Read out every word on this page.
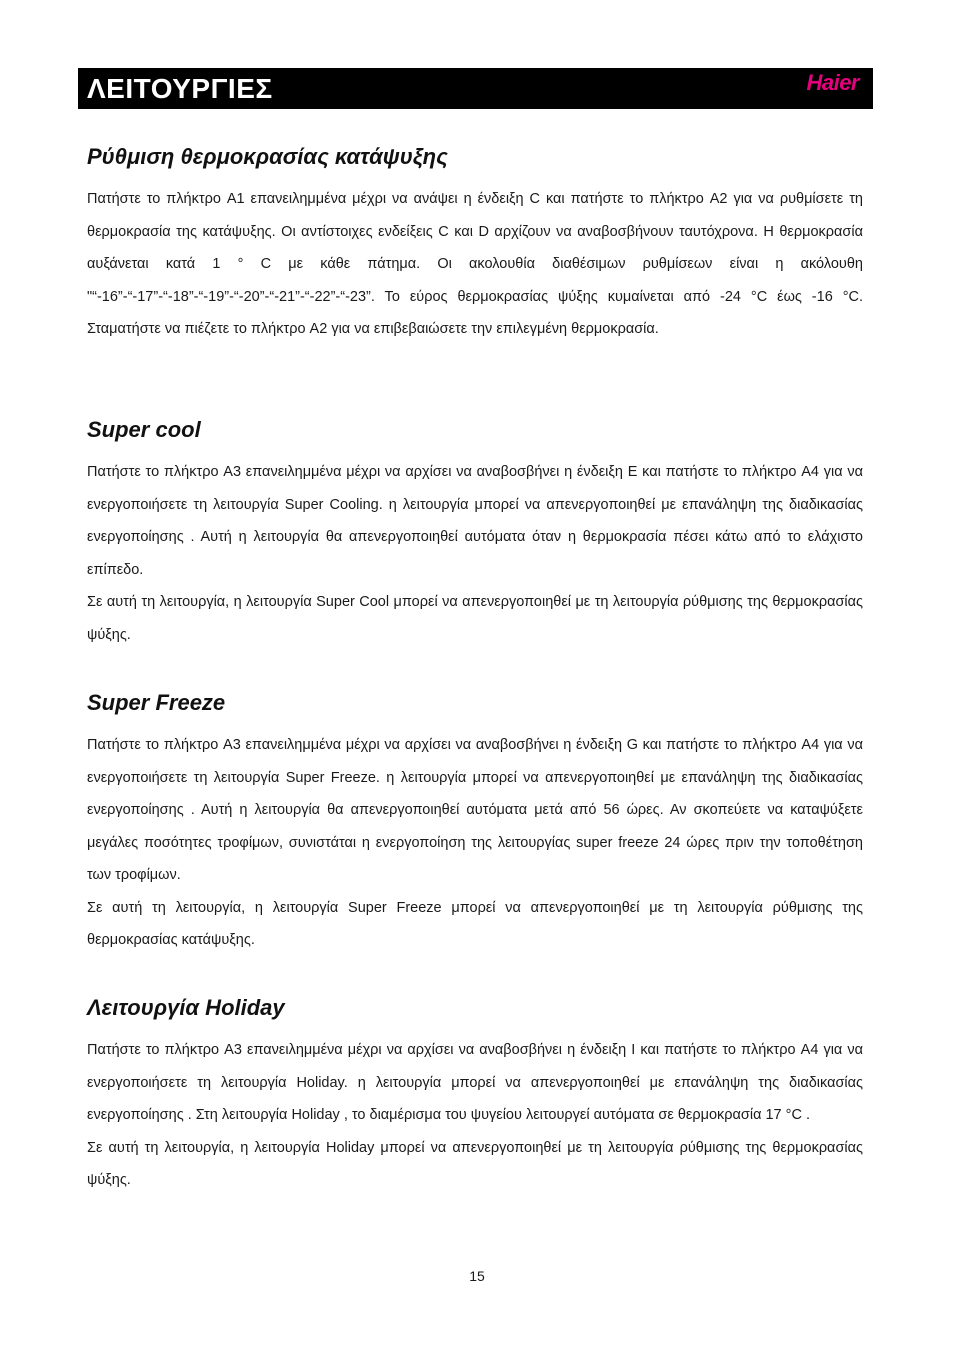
ΛΕΙΤΟΥΡΓΙΕΣ	Haier
Ρύθμιση θερμοκρασίας κατάψυξης

Πατήστε το πλήκτρο A1 επανειλημμένα μέχρι να ανάψει η ένδειξη C και πατήστε το πλήκτρο A2 για να ρυθμίσετε τη θερμοκρασία της κατάψυξης. Οι αντίστοιχες ενδείξεις C και D αρχίζουν να αναβοσβήνουν ταυτόχρονα. Η θερμοκρασία αυξάνεται κατά 1 ° C με κάθε πάτημα. Οι ακολουθία διαθέσιμων ρυθμίσεων είναι η ακόλουθη "“-16”-“-17”-“-18”-“-19”-“-20”-“-21”-“-22”-“-23”. Το εύρος θερμοκρασίας ψύξης κυμαίνεται από -24 °C έως -16 °C. Σταματήστε να πιέζετε το πλήκτρο A2 για να επιβεβαιώσετε την επιλεγμένη θερμοκρασία.

Super cool

Πατήστε το πλήκτρο A3 επανειλημμένα μέχρι να αρχίσει να αναβοσβήνει η ένδειξη E και πατήστε το πλήκτρο A4 για να ενεργοποιήσετε τη λειτουργία Super Cooling. η λειτουργία μπορεί να απενεργοποιηθεί με επανάληψη της διαδικασίας ενεργοποίησης . Αυτή η λειτουργία θα απενεργοποιηθεί αυτόματα όταν η θερμοκρασία πέσει κάτω από το ελάχιστο επίπεδο.

Σε αυτή τη λειτουργία, η λειτουργία Super Cool μπορεί να απενεργοποιηθεί με τη λειτουργία ρύθμισης της θερμοκρασίας ψύξης.

Super Freeze

Πατήστε το πλήκτρο A3 επανειλημμένα μέχρι να αρχίσει να αναβοσβήνει η ένδειξη G και πατήστε το πλήκτρο A4 για να ενεργοποιήσετε τη λειτουργία Super Freeze. η λειτουργία μπορεί να απενεργοποιηθεί με επανάληψη της διαδικασίας ενεργοποίησης . Αυτή η λειτουργία θα απενεργοποιηθεί αυτόματα μετά από 56 ώρες. Αν σκοπεύετε να καταψύξετε μεγάλες ποσότητες τροφίμων, συνιστάται η ενεργοποίηση της λειτουργίας super freeze 24 ώρες πριν την τοποθέτηση των τροφίμων.

Σε αυτή τη λειτουργία, η λειτουργία Super Freeze μπορεί να απενεργοποιηθεί με τη λειτουργία ρύθμισης της θερμοκρασίας κατάψυξης.

Λειτουργία Holiday

Πατήστε το πλήκτρο A3 επανειλημμένα μέχρι να αρχίσει να αναβοσβήνει η ένδειξη I και πατήστε το πλήκτρο A4 για να ενεργοποιήσετε τη λειτουργία Holiday. η λειτουργία μπορεί να απενεργοποιηθεί με επανάληψη της διαδικασίας ενεργοποίησης . Στη λειτουργία Holiday , το διαμέρισμα του ψυγείου λειτουργεί αυτόματα σε θερμοκρασία 17 °C .

Σε αυτή τη λειτουργία, η λειτουργία Holiday μπορεί να απενεργοποιηθεί με τη λειτουργία ρύθμισης της θερμοκρασίας ψύξης.

15
